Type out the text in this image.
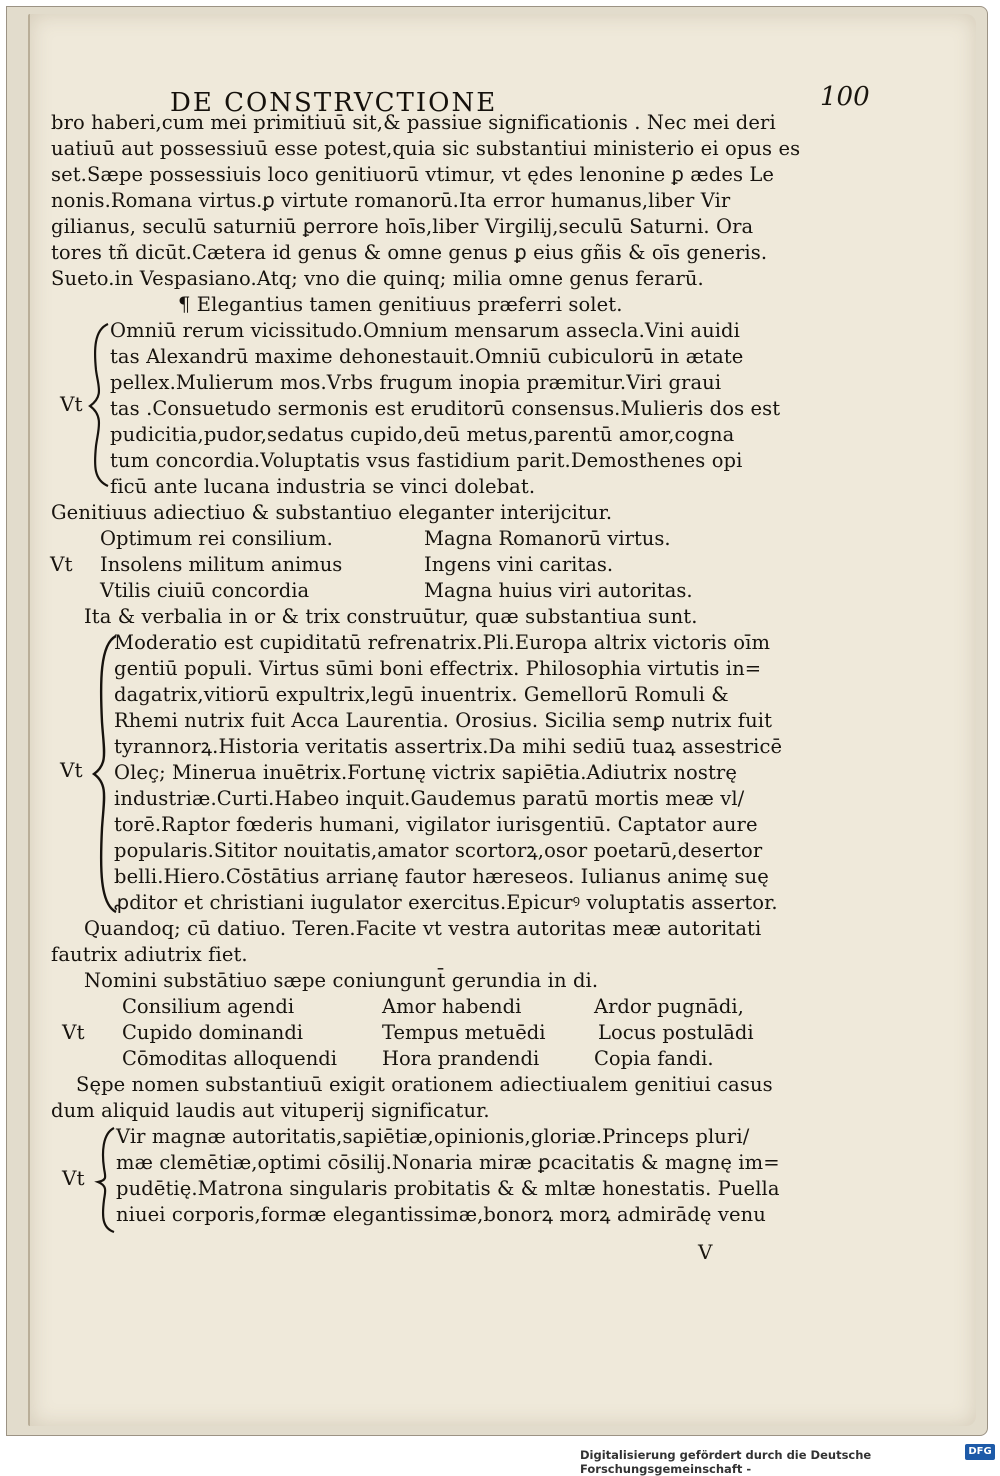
DE CONSTRVCTIONE	100
bro haberi,cum mei primitiuū sit,& passiue significationis . Nec mei deri
uatiuū aut possessiuū esse potest,quia sic substantiui ministerio ei opus es
set.Sæpe possessiuis loco genitiuorū vtimur, vt ędes lenonine ꝑ ædes Le
nonis.Romana virtus.ꝑ virtute romanorū.Ita error humanus,liber Vir
gilianus, seculū saturniū ꝑerrore hoīs,liber Virgilij,seculū Saturni. Ora
tores tñ dicūt.Cætera id genus & omne genus ꝑ eius gñis & oīs generis.
Sueto.in Vespasiano.Atq; vno die quinq; milia omne genus ferarū.
¶ Elegantius tamen genitiuus præferri solet.
Vt
Omniū rerum vicissitudo.Omnium mensarum assecla.Vini auidi
tas Alexandrū maxime dehonestauit.Omniū cubiculorū in ætate
pellex.Mulierum mos.Vrbs frugum inopia præmitur.Viri graui
tas .Consuetudo sermonis est eruditorū consensus.Mulieris dos est
pudicitia,pudor,sedatus cupido,deū metus,parentū amor,cogna
tum concordia.Voluptatis vsus fastidium parit.Demosthenes opi
ficū ante lucana industria se vinci dolebat.
Genitiuus adiectiuo & substantiuo eleganter interijcitur.
Vt
Optimum rei consilium.
Insolens militum animus
Vtilis ciuiū concordia
Magna Romanorū virtus.
Ingens vini caritas.
Magna huius viri autoritas.
Ita & verbalia in or & trix construūtur, quæ substantiua sunt.
Vt
Moderatio est cupiditatū refrenatrix.Pli.Europa altrix victoris oīm
gentiū populi. Virtus sūmi boni effectrix. Philosophia virtutis in=
dagatrix,vitiorū expultrix,legū inuentrix. Gemellorū Romuli &
Rhemi nutrix fuit Acca Laurentia. Orosius. Sicilia semꝑ nutrix fuit
tyrannorꝝ.Historia veritatis assertrix.Da mihi sediū tuaꝝ assestricē
Oleç; Minerua inuētrix.Fortunę victrix sapiētia.Adiutrix nostrę
industriæ.Curti.Habeo inquit.Gaudemus paratū mortis meæ vl/
torē.Raptor fœderis humani, vigilator iurisgentiū. Captator aure
popularis.Sititor nouitatis,amator scortorꝝ,osor poetarū,desertor
belli.Hiero.Cōstātius arrianę fautor hæreseos. Iulianus animę suę
ꝓditor et christiani iugulator exercitus.Epicurꝰ voluptatis assertor.
Quandoq; cū datiuo. Teren.Facite vt vestra autoritas meæ autoritati
fautrix adiutrix fiet.
Nomini substātiuo sæpe coniungunt̄ gerundia in di.
Vt
Consilium agendi
Cupido dominandi
Cōmoditas alloquendi
Amor habendi
Tempus metuēdi
Hora prandendi
Ardor pugnādi,
Locus postulādi
Copia fandi.
Sępe nomen substantiuū exigit orationem adiectiualem genitiui casus
dum aliquid laudis aut vituperij significatur.
Vt
Vir magnæ autoritatis,sapiētiæ,opinionis,gloriæ.Princeps pluri/
mæ clemētiæ,optimi cōsilij.Nonaria miræ ꝑcacitatis & magnę im=
pudētię.Matrona singularis probitatis & & mltæ honestatis. Puella
niuei corporis,formæ elegantissimæ,bonorꝝ morꝝ admirādę venu
V
Digitalisierung gefördert durch die Deutsche Forschungsgemeinschaft -
DFG
